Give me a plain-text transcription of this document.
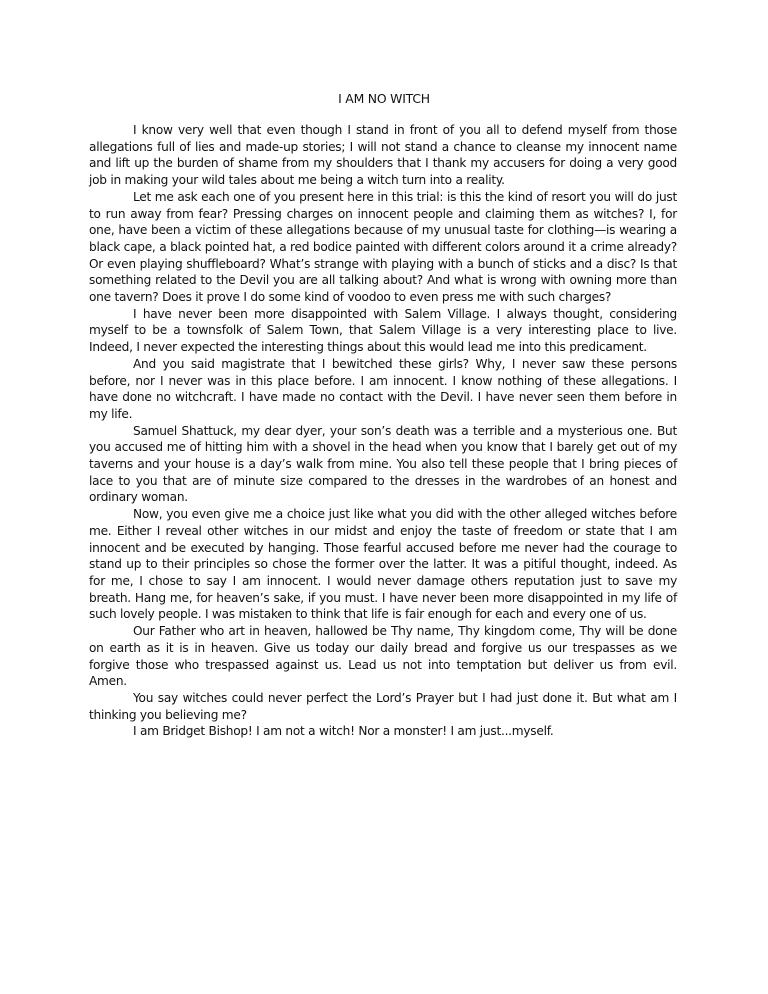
I AM NO WITCH

I know very well that even though I stand in front of you all to defend myself from those allegations full of lies and made-up stories; I will not stand a chance to cleanse my innocent name and lift up the burden of shame from my shoulders that I thank my accusers for doing a very good job in making your wild tales about me being a witch turn into a reality.

Let me ask each one of you present here in this trial: is this the kind of resort you will do just to run away from fear? Pressing charges on innocent people and claiming them as witches? I, for one, have been a victim of these allegations because of my unusual taste for clothing—is wearing a black cape, a black pointed hat, a red bodice painted with different colors around it a crime already? Or even playing shuffleboard? What’s strange with playing with a bunch of sticks and a disc? Is that something related to the Devil you are all talking about? And what is wrong with owning more than one tavern? Does it prove I do some kind of voodoo to even press me with such charges?

I have never been more disappointed with Salem Village. I always thought, considering myself to be a townsfolk of Salem Town, that Salem Village is a very interesting place to live. Indeed, I never expected the interesting things about this would lead me into this predicament.

And you said magistrate that I bewitched these girls? Why, I never saw these persons before, nor I never was in this place before. I am innocent. I know nothing of these allegations. I have done no witchcraft. I have made no contact with the Devil. I have never seen them before in my life.

Samuel Shattuck, my dear dyer, your son’s death was a terrible and a mysterious one. But you accused me of hitting him with a shovel in the head when you know that I barely get out of my taverns and your house is a day’s walk from mine. You also tell these people that I bring pieces of lace to you that are of minute size compared to the dresses in the wardrobes of an honest and ordinary woman.

Now, you even give me a choice just like what you did with the other alleged witches before me. Either I reveal other witches in our midst and enjoy the taste of freedom or state that I am innocent and be executed by hanging. Those fearful accused before me never had the courage to stand up to their principles so chose the former over the latter. It was a pitiful thought, indeed. As for me, I chose to say I am innocent. I would never damage others reputation just to save my breath. Hang me, for heaven’s sake, if you must. I have never been more disappointed in my life of such lovely people. I was mistaken to think that life is fair enough for each and every one of us.

Our Father who art in heaven, hallowed be Thy name, Thy kingdom come, Thy will be done on earth as it is in heaven. Give us today our daily bread and forgive us our trespasses as we forgive those who trespassed against us. Lead us not into temptation but deliver us from evil. Amen.

You say witches could never perfect the Lord’s Prayer but I had just done it. But what am I thinking you believing me?

I am Bridget Bishop! I am not a witch! Nor a monster! I am just...myself.
